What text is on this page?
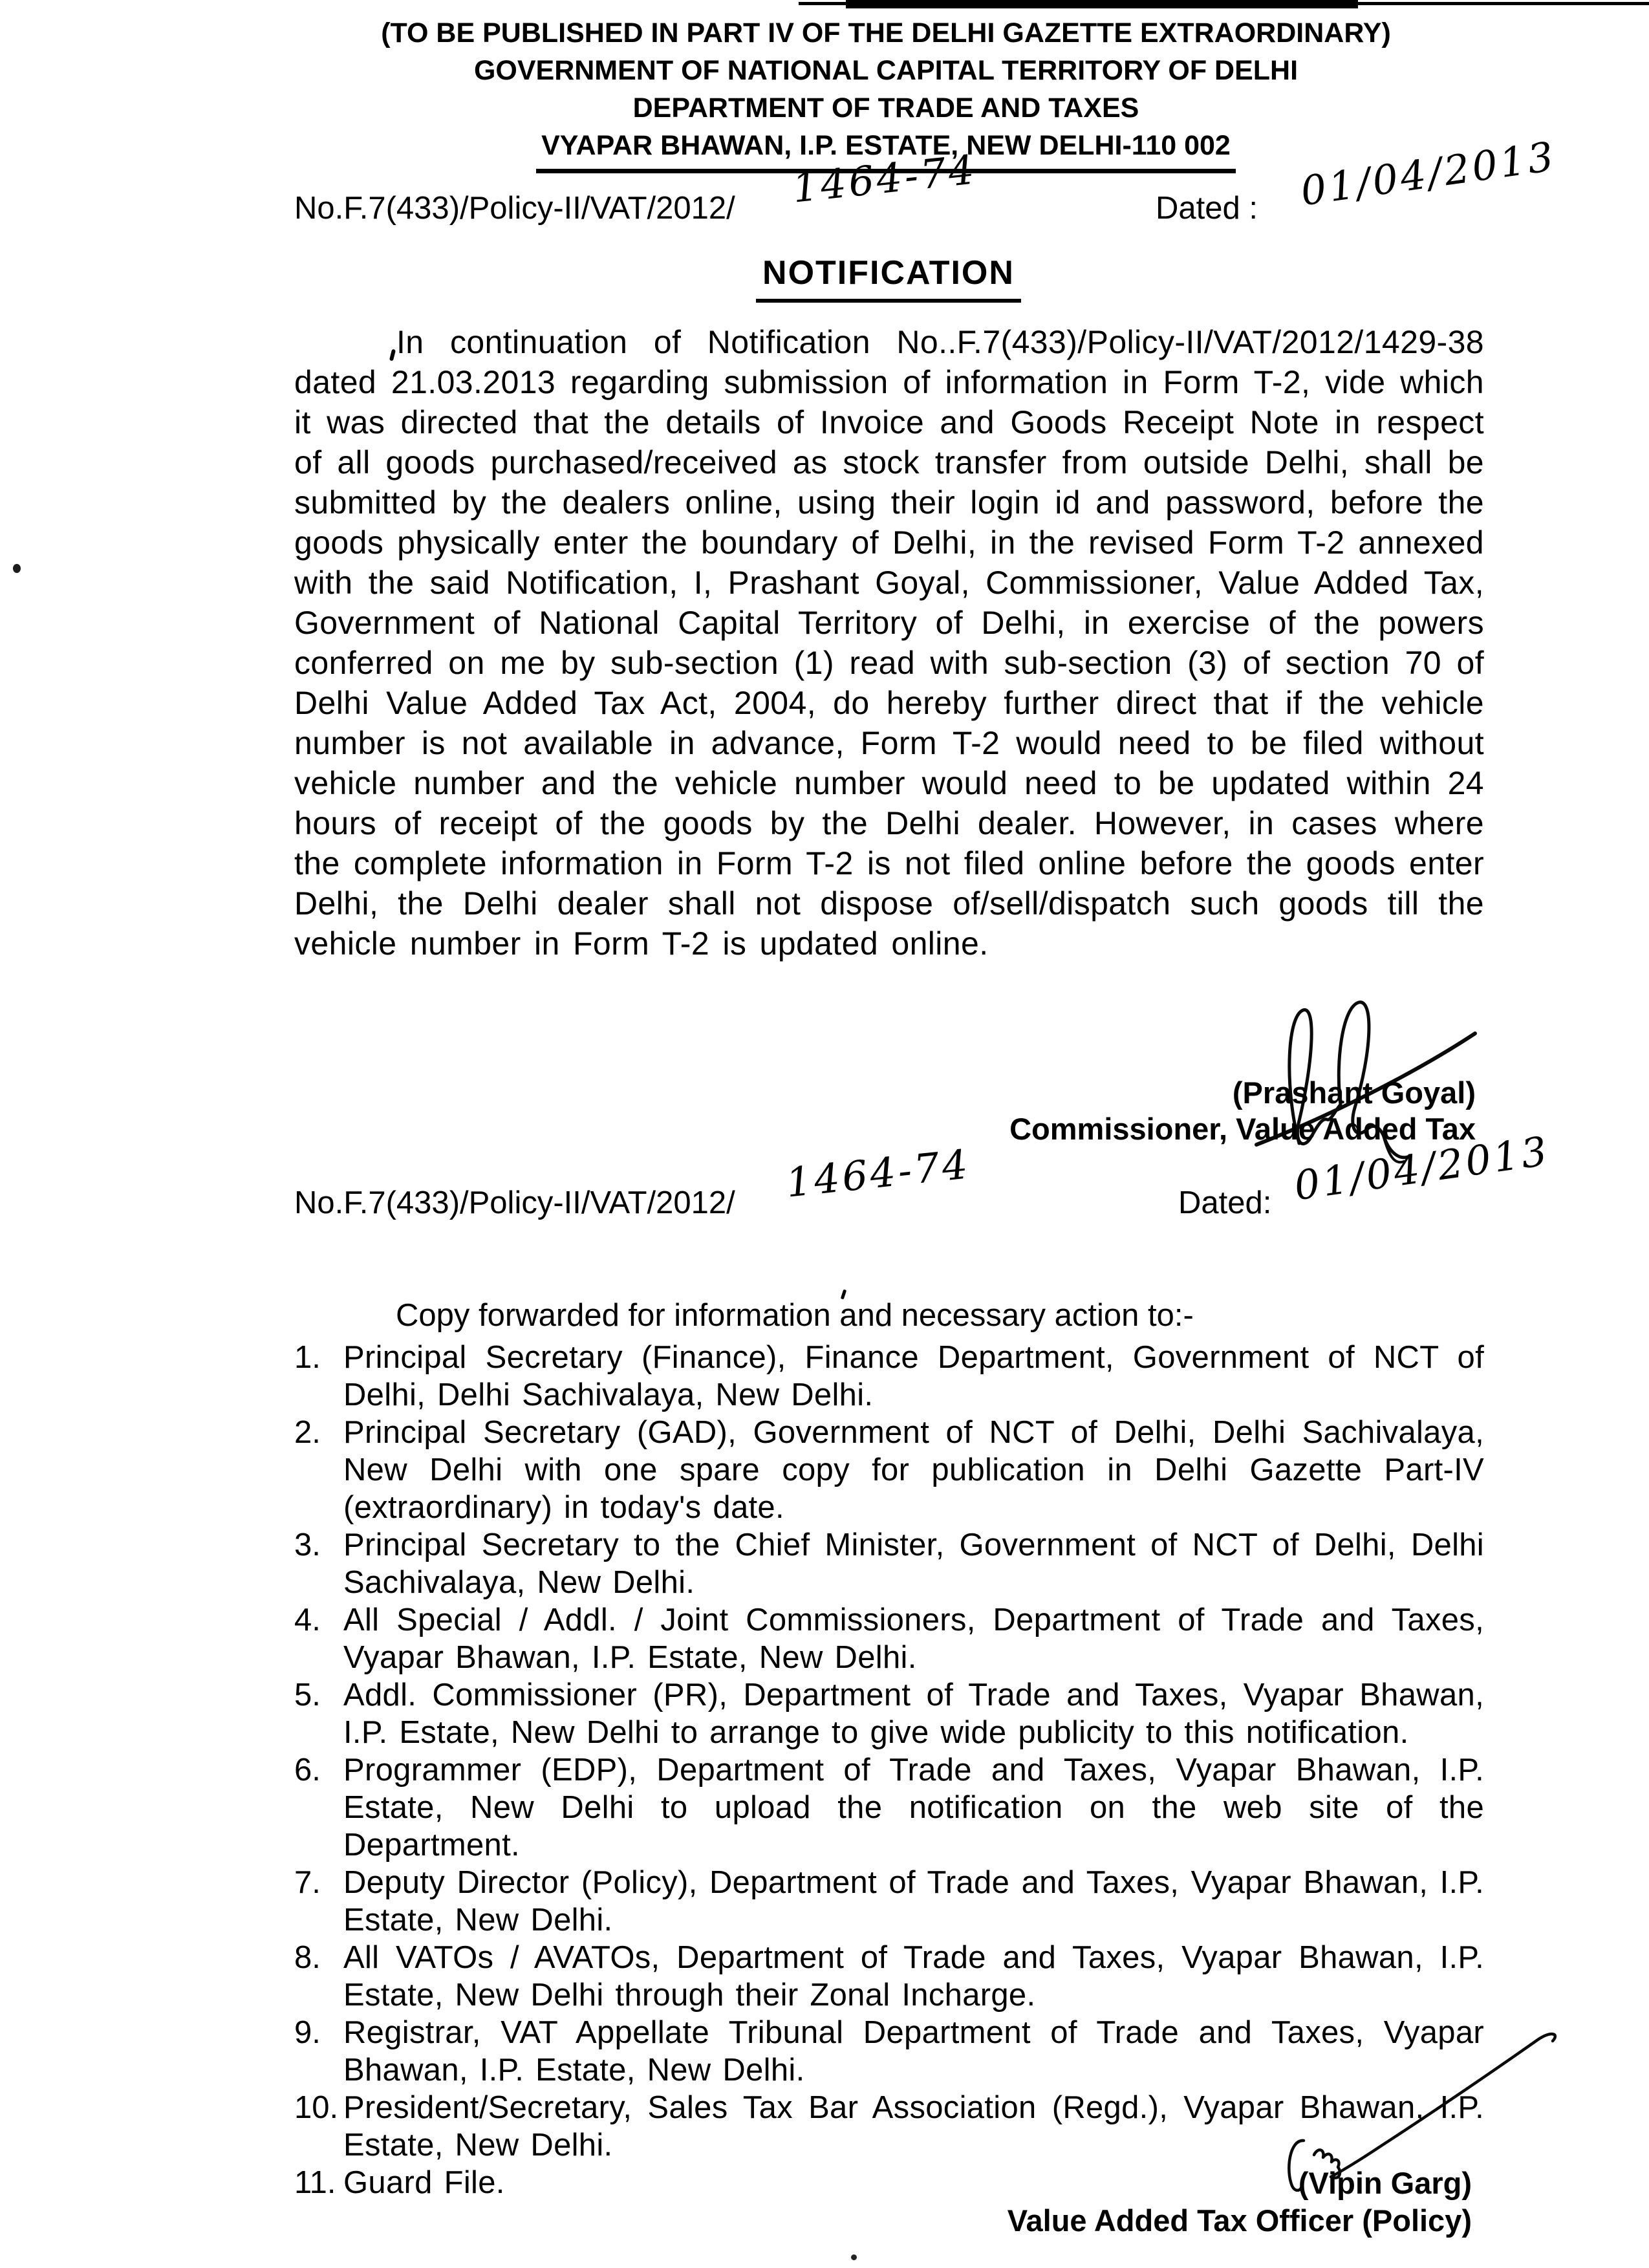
(TO BE PUBLISHED IN PART IV OF THE DELHI GAZETTE EXTRAORDINARY)
GOVERNMENT OF NATIONAL CAPITAL TERRITORY OF DELHI
DEPARTMENT OF TRADE AND TAXES
VYAPAR BHAWAN, I.P. ESTATE, NEW DELHI-110 002
No.F.7(433)/Policy-II/VAT/2012/ 1464-74	Dated : 01/04/2013
NOTIFICATION
In continuation of Notification No..F.7(433)/Policy-II/VAT/2012/1429-38 dated 21.03.2013 regarding submission of information in Form T-2, vide which it was directed that the details of Invoice and Goods Receipt Note in respect of all goods purchased/received as stock transfer from outside Delhi, shall be submitted by the dealers online, using their login id and password, before the goods physically enter the boundary of Delhi, in the revised Form T-2 annexed with the said Notification, I, Prashant Goyal, Commissioner, Value Added Tax, Government of National Capital Territory of Delhi, in exercise of the powers conferred on me by sub-section (1) read with sub-section (3) of section 70 of Delhi Value Added Tax Act, 2004, do hereby further direct that if the vehicle number is not available in advance, Form T-2 would need to be filed without vehicle number and the vehicle number would need to be updated within 24 hours of receipt of the goods by the Delhi dealer. However, in cases where the complete information in Form T-2 is not filed online before the goods enter Delhi, the Delhi dealer shall not dispose of/sell/dispatch such goods till the vehicle number in Form T-2 is updated online.
(Prashant Goyal)
Commissioner, Value Added Tax
No.F.7(433)/Policy-II/VAT/2012/ 1464-74	Dated: 01/04/2013
Copy forwarded for information and necessary action to:-
1. Principal Secretary (Finance), Finance Department, Government of NCT of Delhi, Delhi Sachivalaya, New Delhi.
2. Principal Secretary (GAD), Government of NCT of Delhi, Delhi Sachivalaya, New Delhi with one spare copy for publication in Delhi Gazette Part-IV (extraordinary) in today's date.
3. Principal Secretary to the Chief Minister, Government of NCT of Delhi, Delhi Sachivalaya, New Delhi.
4. All Special / Addl. / Joint Commissioners, Department of Trade and Taxes, Vyapar Bhawan, I.P. Estate, New Delhi.
5. Addl. Commissioner (PR), Department of Trade and Taxes, Vyapar Bhawan, I.P. Estate, New Delhi to arrange to give wide publicity to this notification.
6. Programmer (EDP), Department of Trade and Taxes, Vyapar Bhawan, I.P. Estate, New Delhi to upload the notification on the web site of the Department.
7. Deputy Director (Policy), Department of Trade and Taxes, Vyapar Bhawan, I.P. Estate, New Delhi.
8. All VATOs / AVATOs, Department of Trade and Taxes, Vyapar Bhawan, I.P. Estate, New Delhi through their Zonal Incharge.
9. Registrar, VAT Appellate Tribunal Department of Trade and Taxes, Vyapar Bhawan, I.P. Estate, New Delhi.
10. President/Secretary, Sales Tax Bar Association (Regd.), Vyapar Bhawan, I.P. Estate, New Delhi.
11. Guard File.	(Vipin Garg)
Value Added Tax Officer (Policy)
